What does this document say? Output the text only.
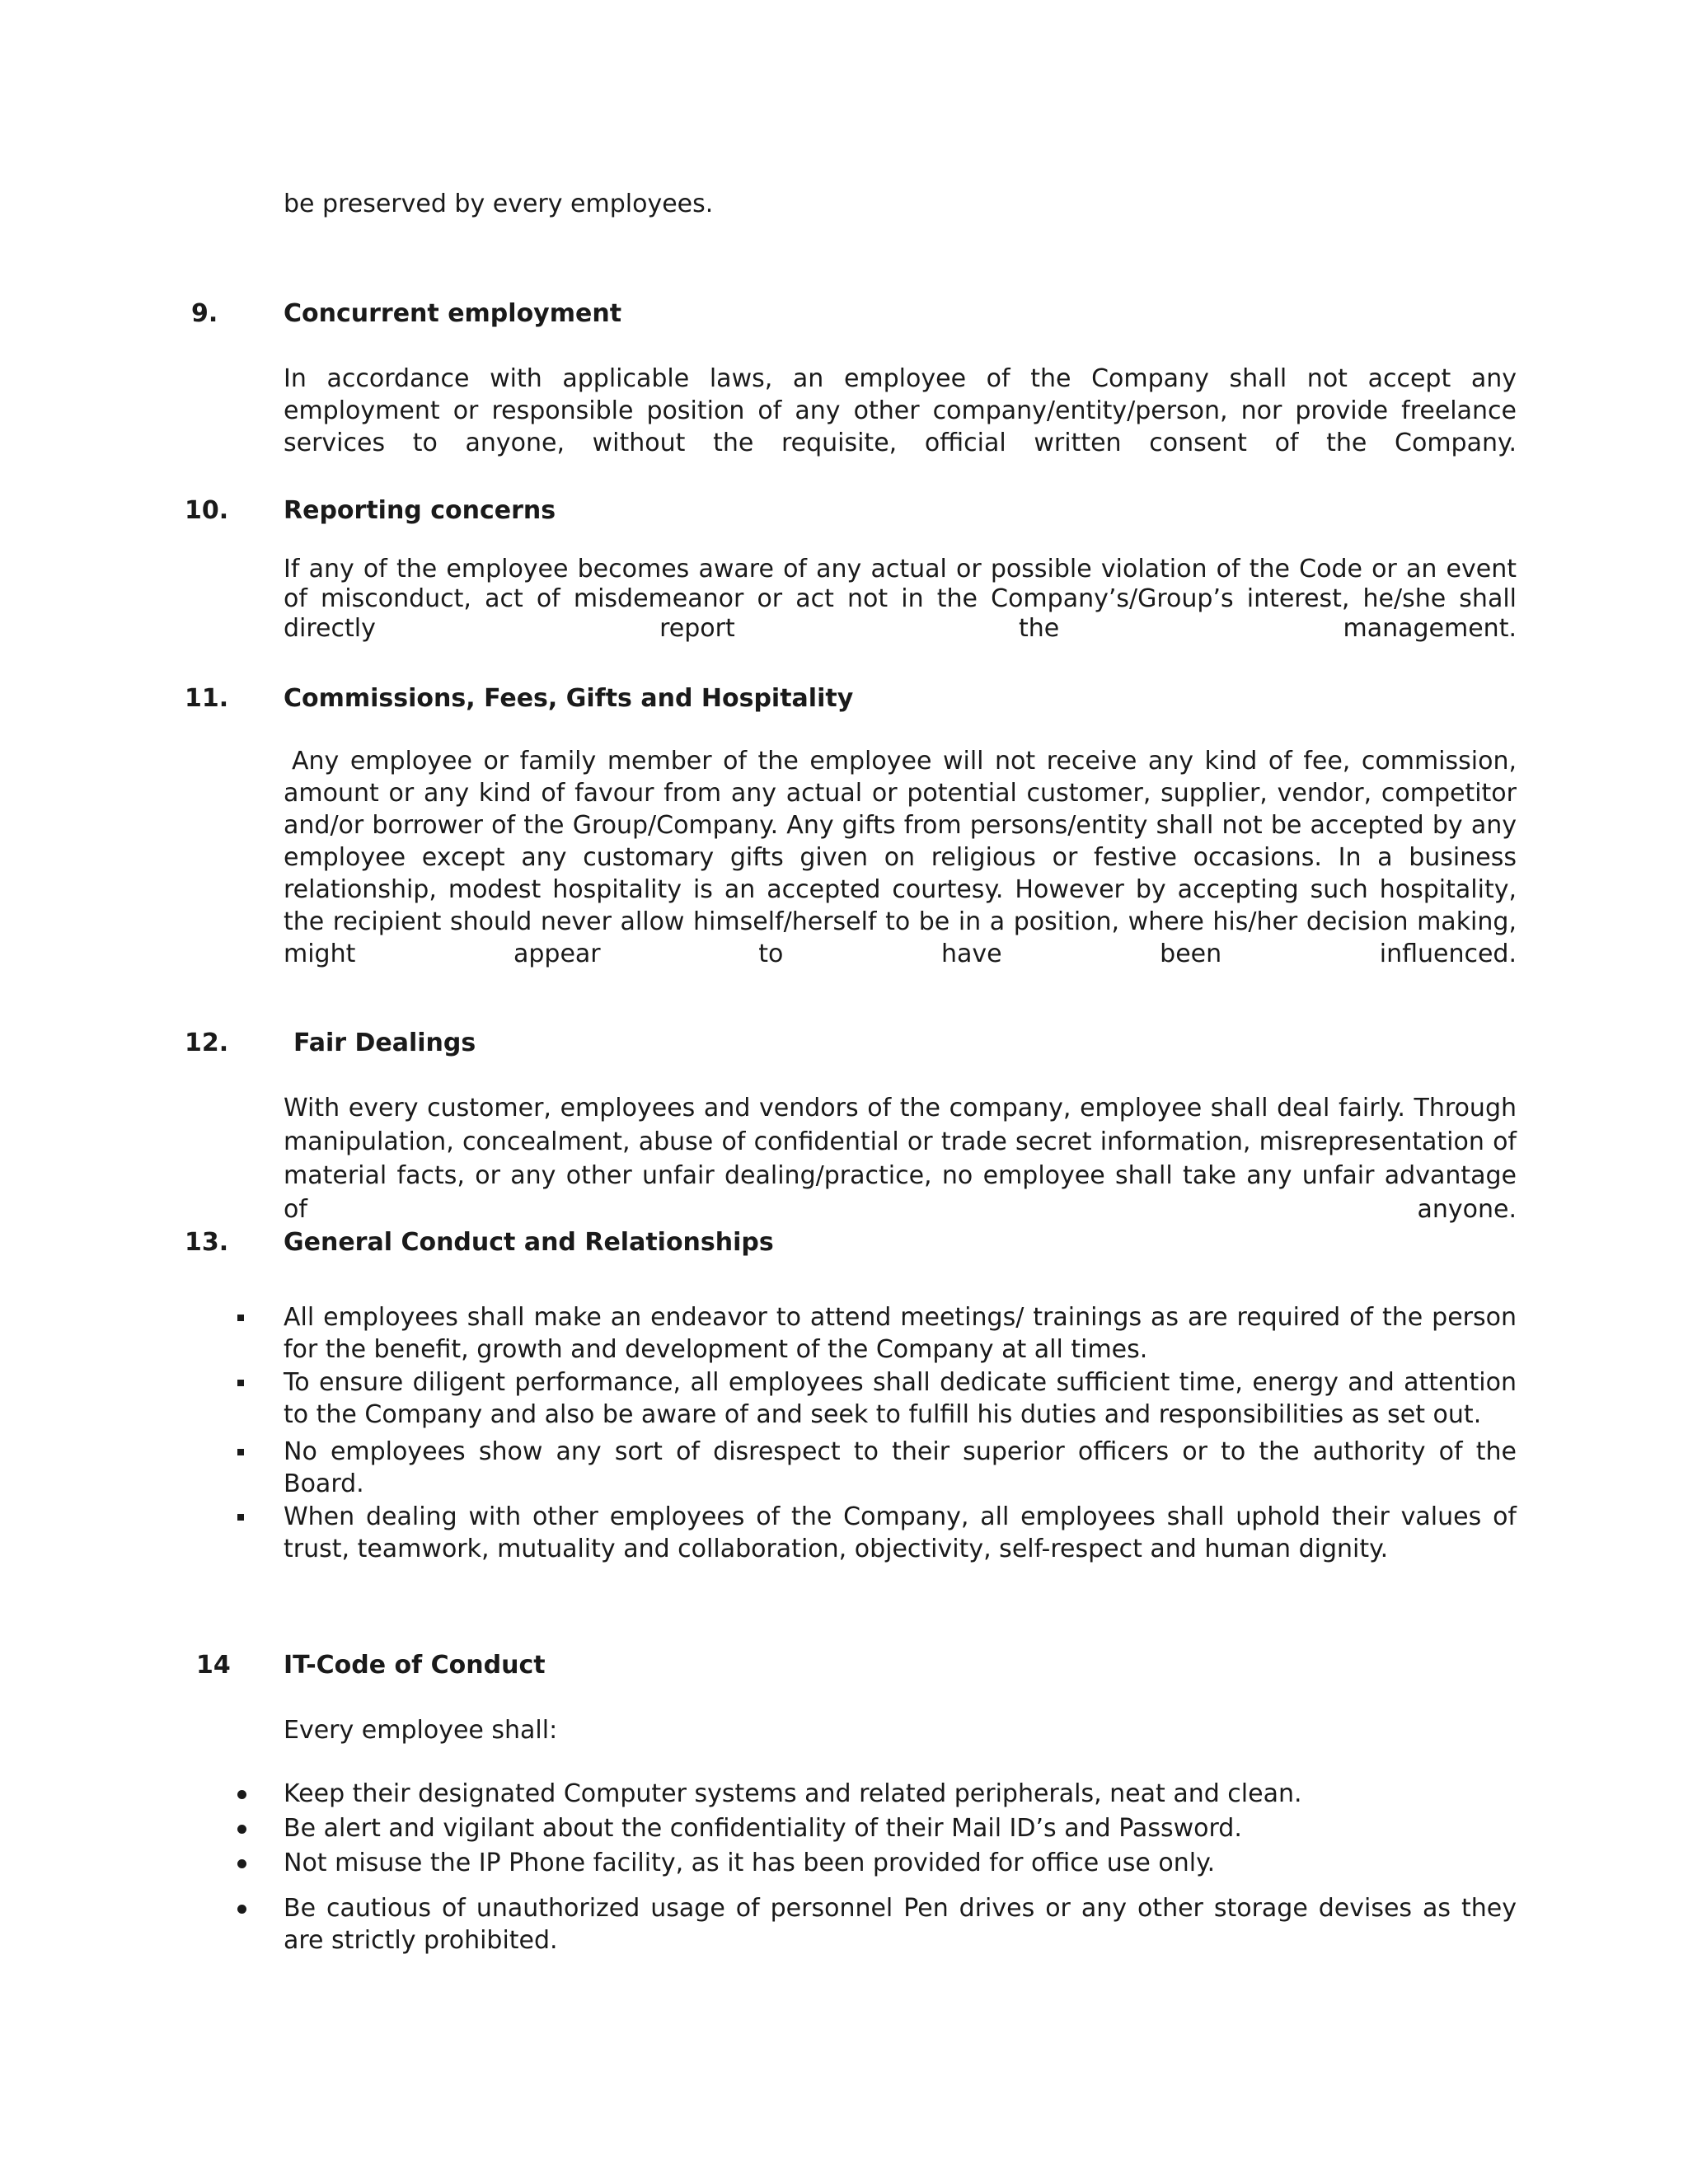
be preserved by every employees.
9.	Concurrent employment
In accordance with applicable laws, an employee of the Company shall not accept any employment or responsible position of any other company/entity/person, nor provide freelance services to anyone, without the requisite, official written consent of the Company.
10. Reporting concerns
If any of the employee becomes aware of any actual or possible violation of the Code or an event of misconduct, act of misdemeanor or act not in the Company’s/Group’s interest, he/she shall directly report the management.
11. Commissions, Fees, Gifts and Hospitality
Any employee or family member of the employee will not receive any kind of fee, commission, amount or any kind of favour from any actual or potential customer, supplier, vendor, competitor and/or borrower of the Group/Company. Any gifts from persons/entity shall not be accepted by any employee except any customary gifts given on religious or festive occasions. In a business relationship, modest hospitality is an accepted courtesy. However by accepting such hospitality, the recipient should never allow himself/herself to be in a position, where his/her decision making, might appear to have been influenced.
12.	Fair Dealings
With every customer, employees and vendors of the company, employee shall deal fairly. Through manipulation, concealment, abuse of confidential or trade secret information, misrepresentation of material facts, or any other unfair dealing/practice, no employee shall take any unfair advantage of anyone.
13. General Conduct and Relationships
All employees shall make an endeavor to attend meetings/ trainings as are required of the person for the benefit, growth and development of the Company at all times.
To ensure diligent performance, all employees shall dedicate sufficient time, energy and attention to the Company and also be aware of and seek to fulfill his duties and responsibilities as set out.
No employees show any sort of disrespect to their superior officers or to the authority of the Board.
When dealing with other employees of the Company, all employees shall uphold their values of trust, teamwork, mutuality and collaboration, objectivity, self-respect and human dignity.
14 IT-Code of Conduct
Every employee shall:
Keep their designated Computer systems and related peripherals, neat and clean.
Be alert and vigilant about the confidentiality of their Mail ID’s and Password.
Not misuse the IP Phone facility, as it has been provided for office use only.
Be cautious of unauthorized usage of personnel Pen drives or any other storage devises as they are strictly prohibited.
